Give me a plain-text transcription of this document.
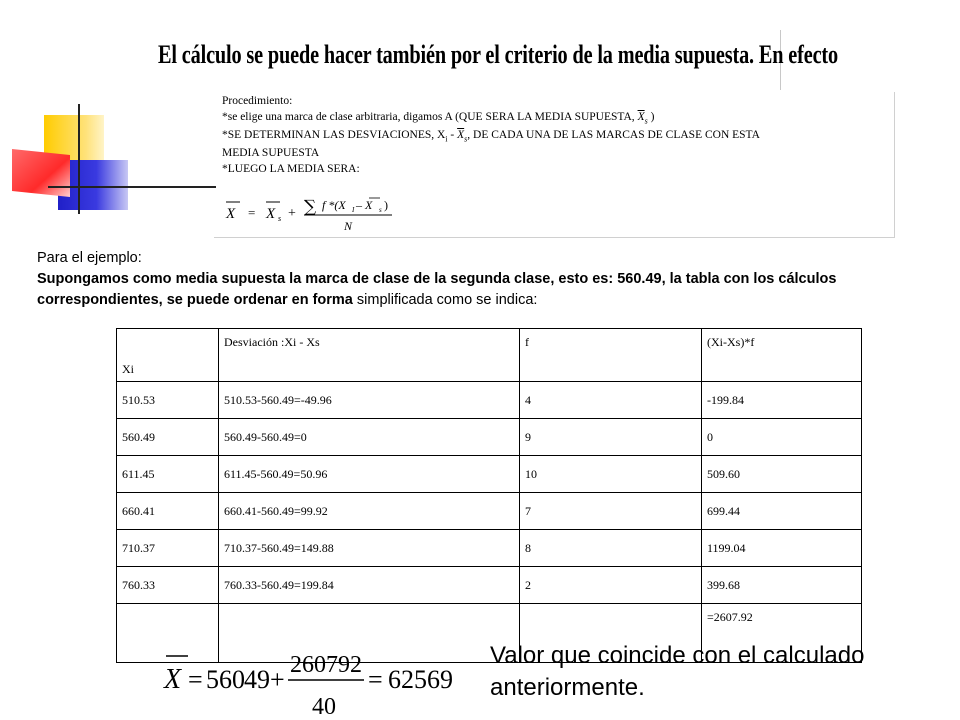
El cálculo se puede hacer también por el criterio de la media supuesta. En efecto
Procedimiento:
*se elige una marca de clase arbitraria, digamos A (QUE SERA LA MEDIA SUPUESTA, $\overline{X}_s$ )
*SE DETERMINAN LAS DESVIACIONES, $X_i - \overline{X}_s$, DE CADA UNA DE LAS MARCAS DE CLASE CON ESTA
MEDIA SUPUESTA
*LUEGO LA MEDIA SERA:
X = X s + ∑ f *(X I – X s )
N
Para el ejemplo:
Supongamos como media supuesta la marca de clase de la segunda clase, esto es: 560.49, la tabla con los cálculos correspondientes, se puede ordenar en forma simplificada como se indica:
Xi	Desviación :Xi - Xs	f	(Xi-Xs)*f
510.53	510.53-560.49=-49.96	4	-199.84
560.49	560.49-560.49=0	9	0
611.45	611.45-560.49=50.96	10	509.60
660.41	660.41-560.49=99.92	7	699.44
710.37	710.37-560.49=149.88	8	1199.04
760.33	760.33-560.49=199.84	2	399.68
			=2607.92
X = 560 49 + 260792
40
= 62569
Valor que coincide con el calculado
anteriormente.
